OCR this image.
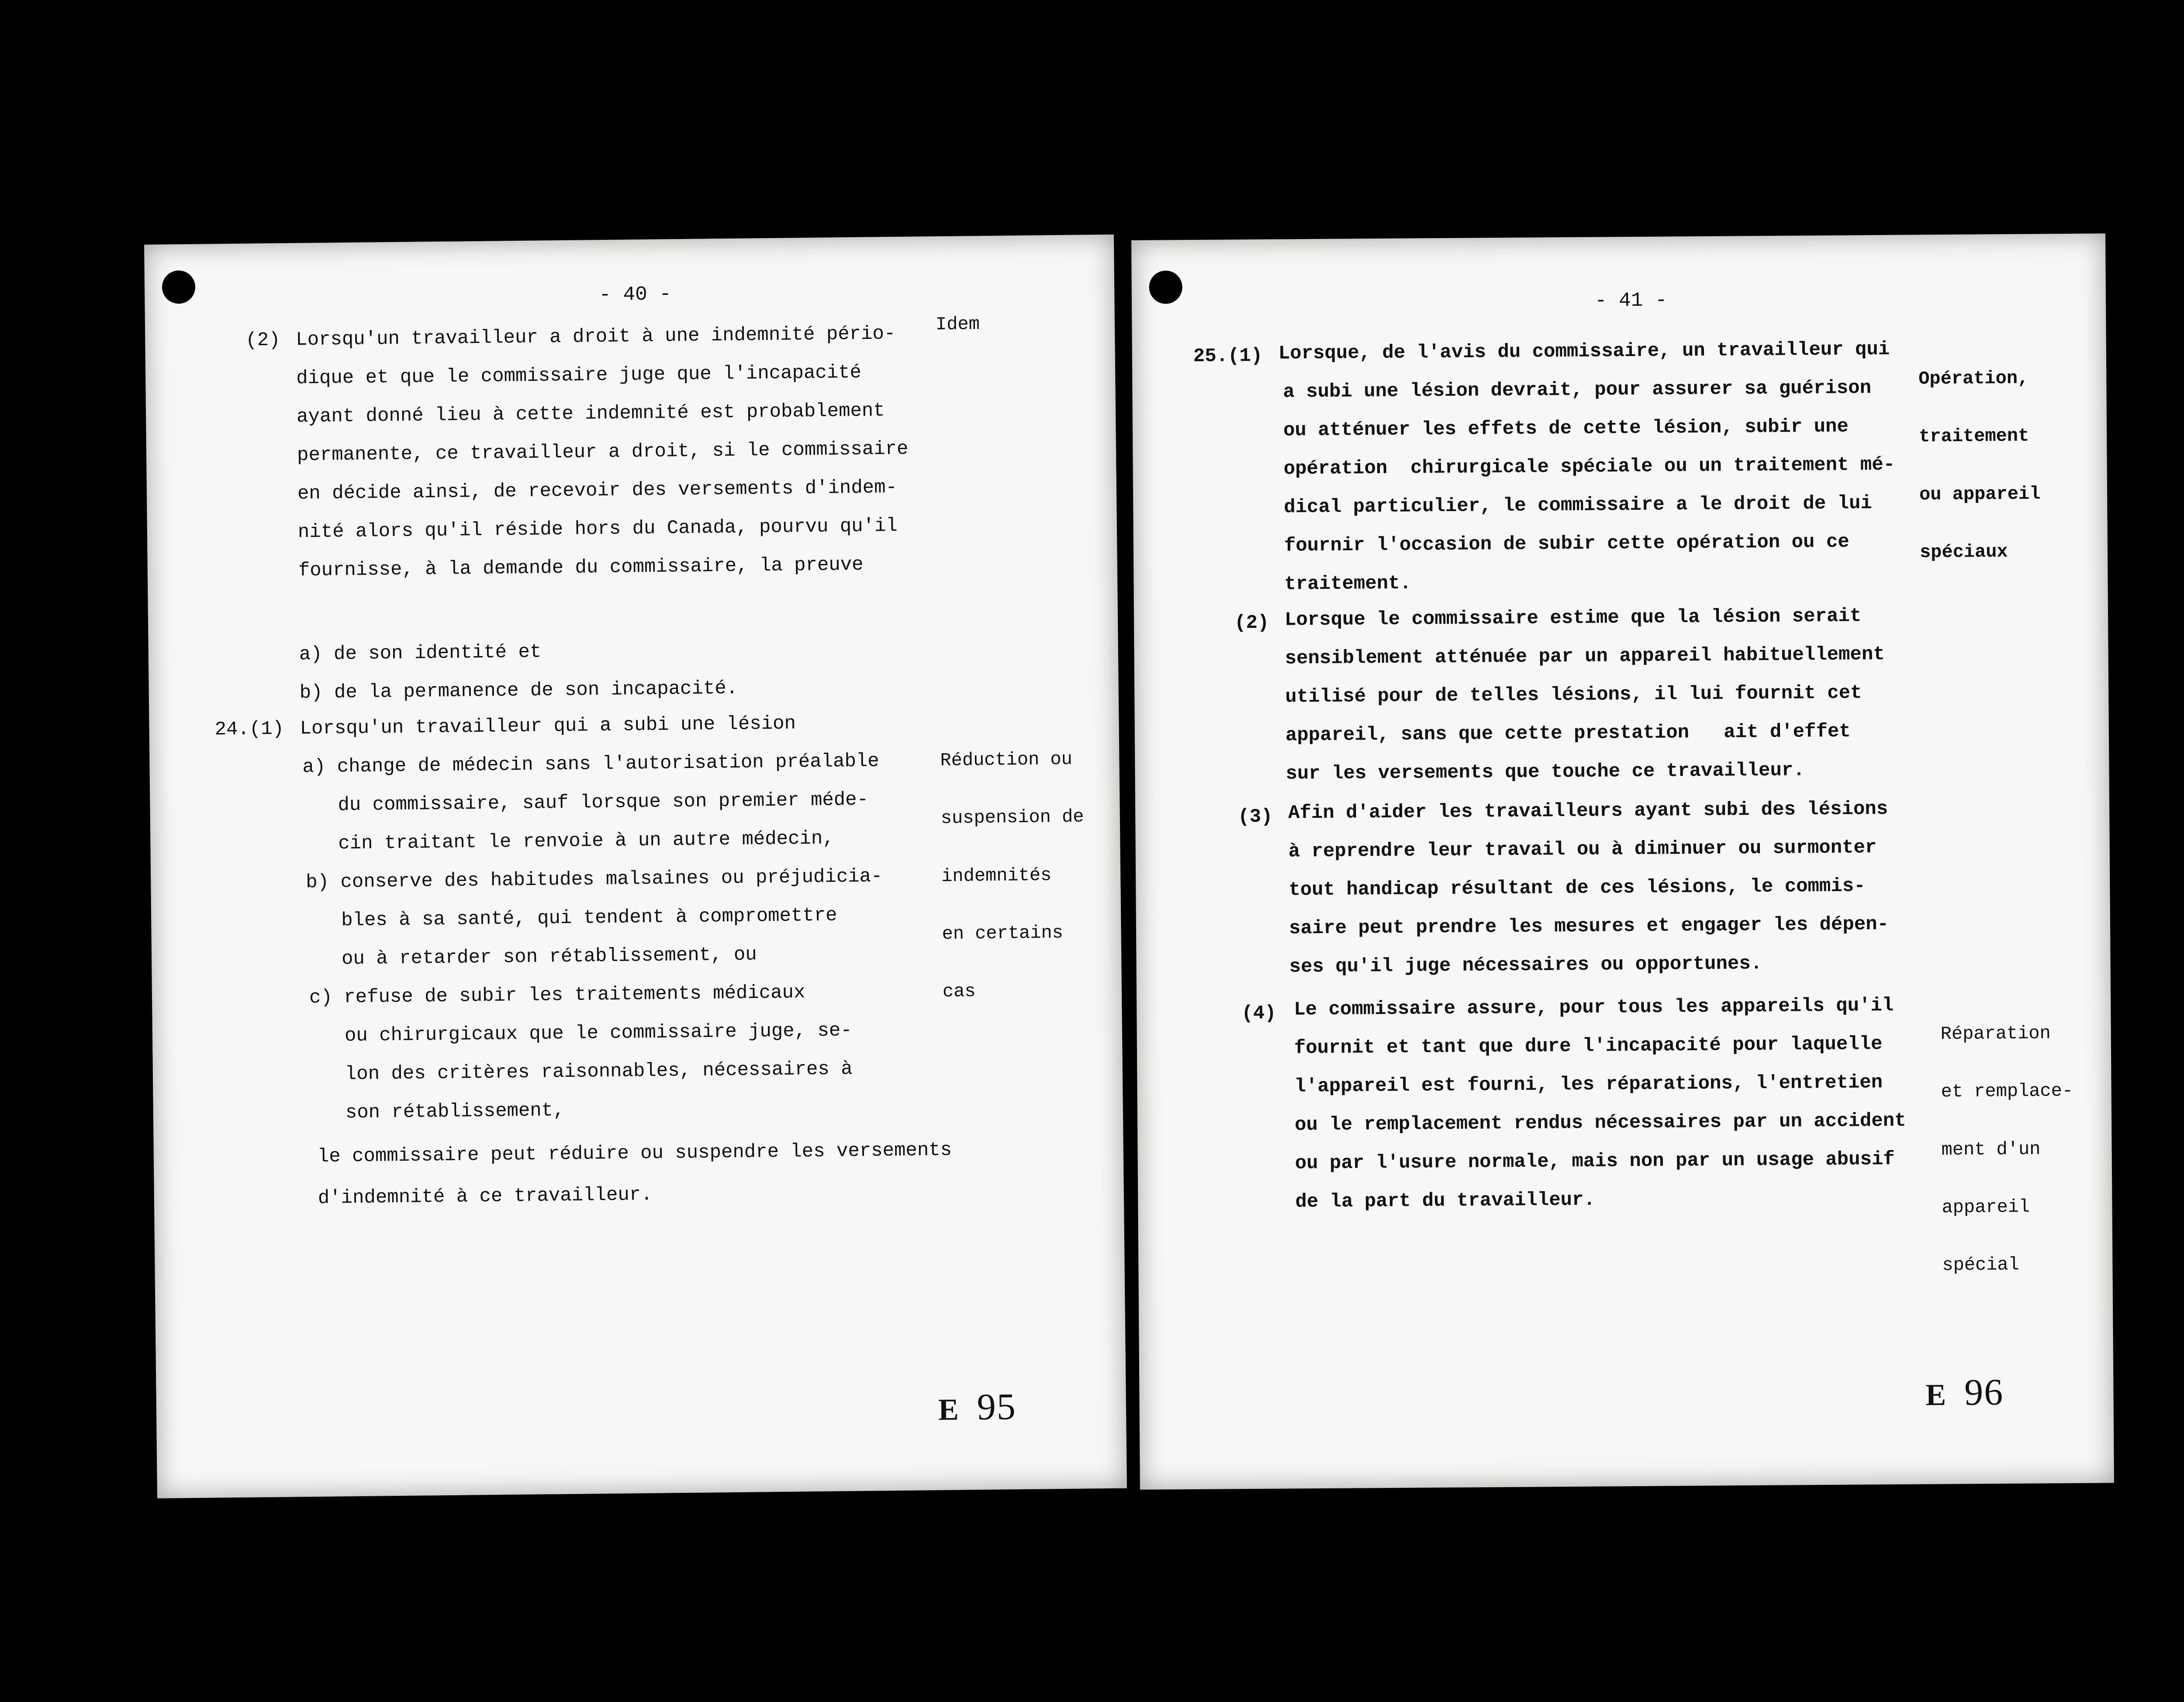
- 40 -
Idem
(2) Lorsqu'un travailleur a droit à une indemnité pério-
dique et que le commissaire juge que l'incapacité
ayant donné lieu à cette indemnité est probablement
permanente, ce travailleur a droit, si le commissaire
en décide ainsi, de recevoir des versements d'indem-
nité alors qu'il réside hors du Canada, pourvu qu'il
fournisse, à la demande du commissaire, la preuve
a) de son identité et
b) de la permanence de son incapacité.

Réduction ou

suspension de

indemnités

en certains

cas

24.(1) Lorsqu'un travailleur qui a subi une lésion
a) change de médecin sans l'autorisation préalable
du commissaire, sauf lorsque son premier méde-
cin traitant le renvoie à un autre médecin,
b) conserve des habitudes malsaines ou préjudicia-
bles à sa santé, qui tendent à compromettre
ou à retarder son rétablissement, ou
c) refuse de subir les traitements médicaux
ou chirurgicaux que le commissaire juge, se-
lon des critères raisonnables, nécessaires à
son rétablissement,
le commissaire peut réduire ou suspendre les versements
d'indemnité à ce travailleur.
E 95
- 41 -

Opération,

traitement

ou appareil

spéciaux

25.(1) Lorsque, de l'avis du commissaire, un travailleur qui
a subi une lésion devrait, pour assurer sa guérison
ou atténuer les effets de cette lésion, subir une
opération  chirurgicale spéciale ou un traitement mé-
dical particulier, le commissaire a le droit de lui
fournir l'occasion de subir cette opération ou ce
traitement.
(2) Lorsque le commissaire estime que la lésion serait
sensiblement atténuée par un appareil habituellement
utilisé pour de telles lésions, il lui fournit cet
appareil, sans que cette prestation   ait d'effet
sur les versements que touche ce travailleur.
(3) Afin d'aider les travailleurs ayant subi des lésions
à reprendre leur travail ou à diminuer ou surmonter
tout handicap résultant de ces lésions, le commis-
saire peut prendre les mesures et engager les dépen-
ses qu'il juge nécessaires ou opportunes.

Réparation

et remplace-

ment d'un

appareil

spécial

(4) Le commissaire assure, pour tous les appareils qu'il
fournit et tant que dure l'incapacité pour laquelle
l'appareil est fourni, les réparations, l'entretien
ou le remplacement rendus nécessaires par un accident
ou par l'usure normale, mais non par un usage abusif
de la part du travailleur.
E 96
